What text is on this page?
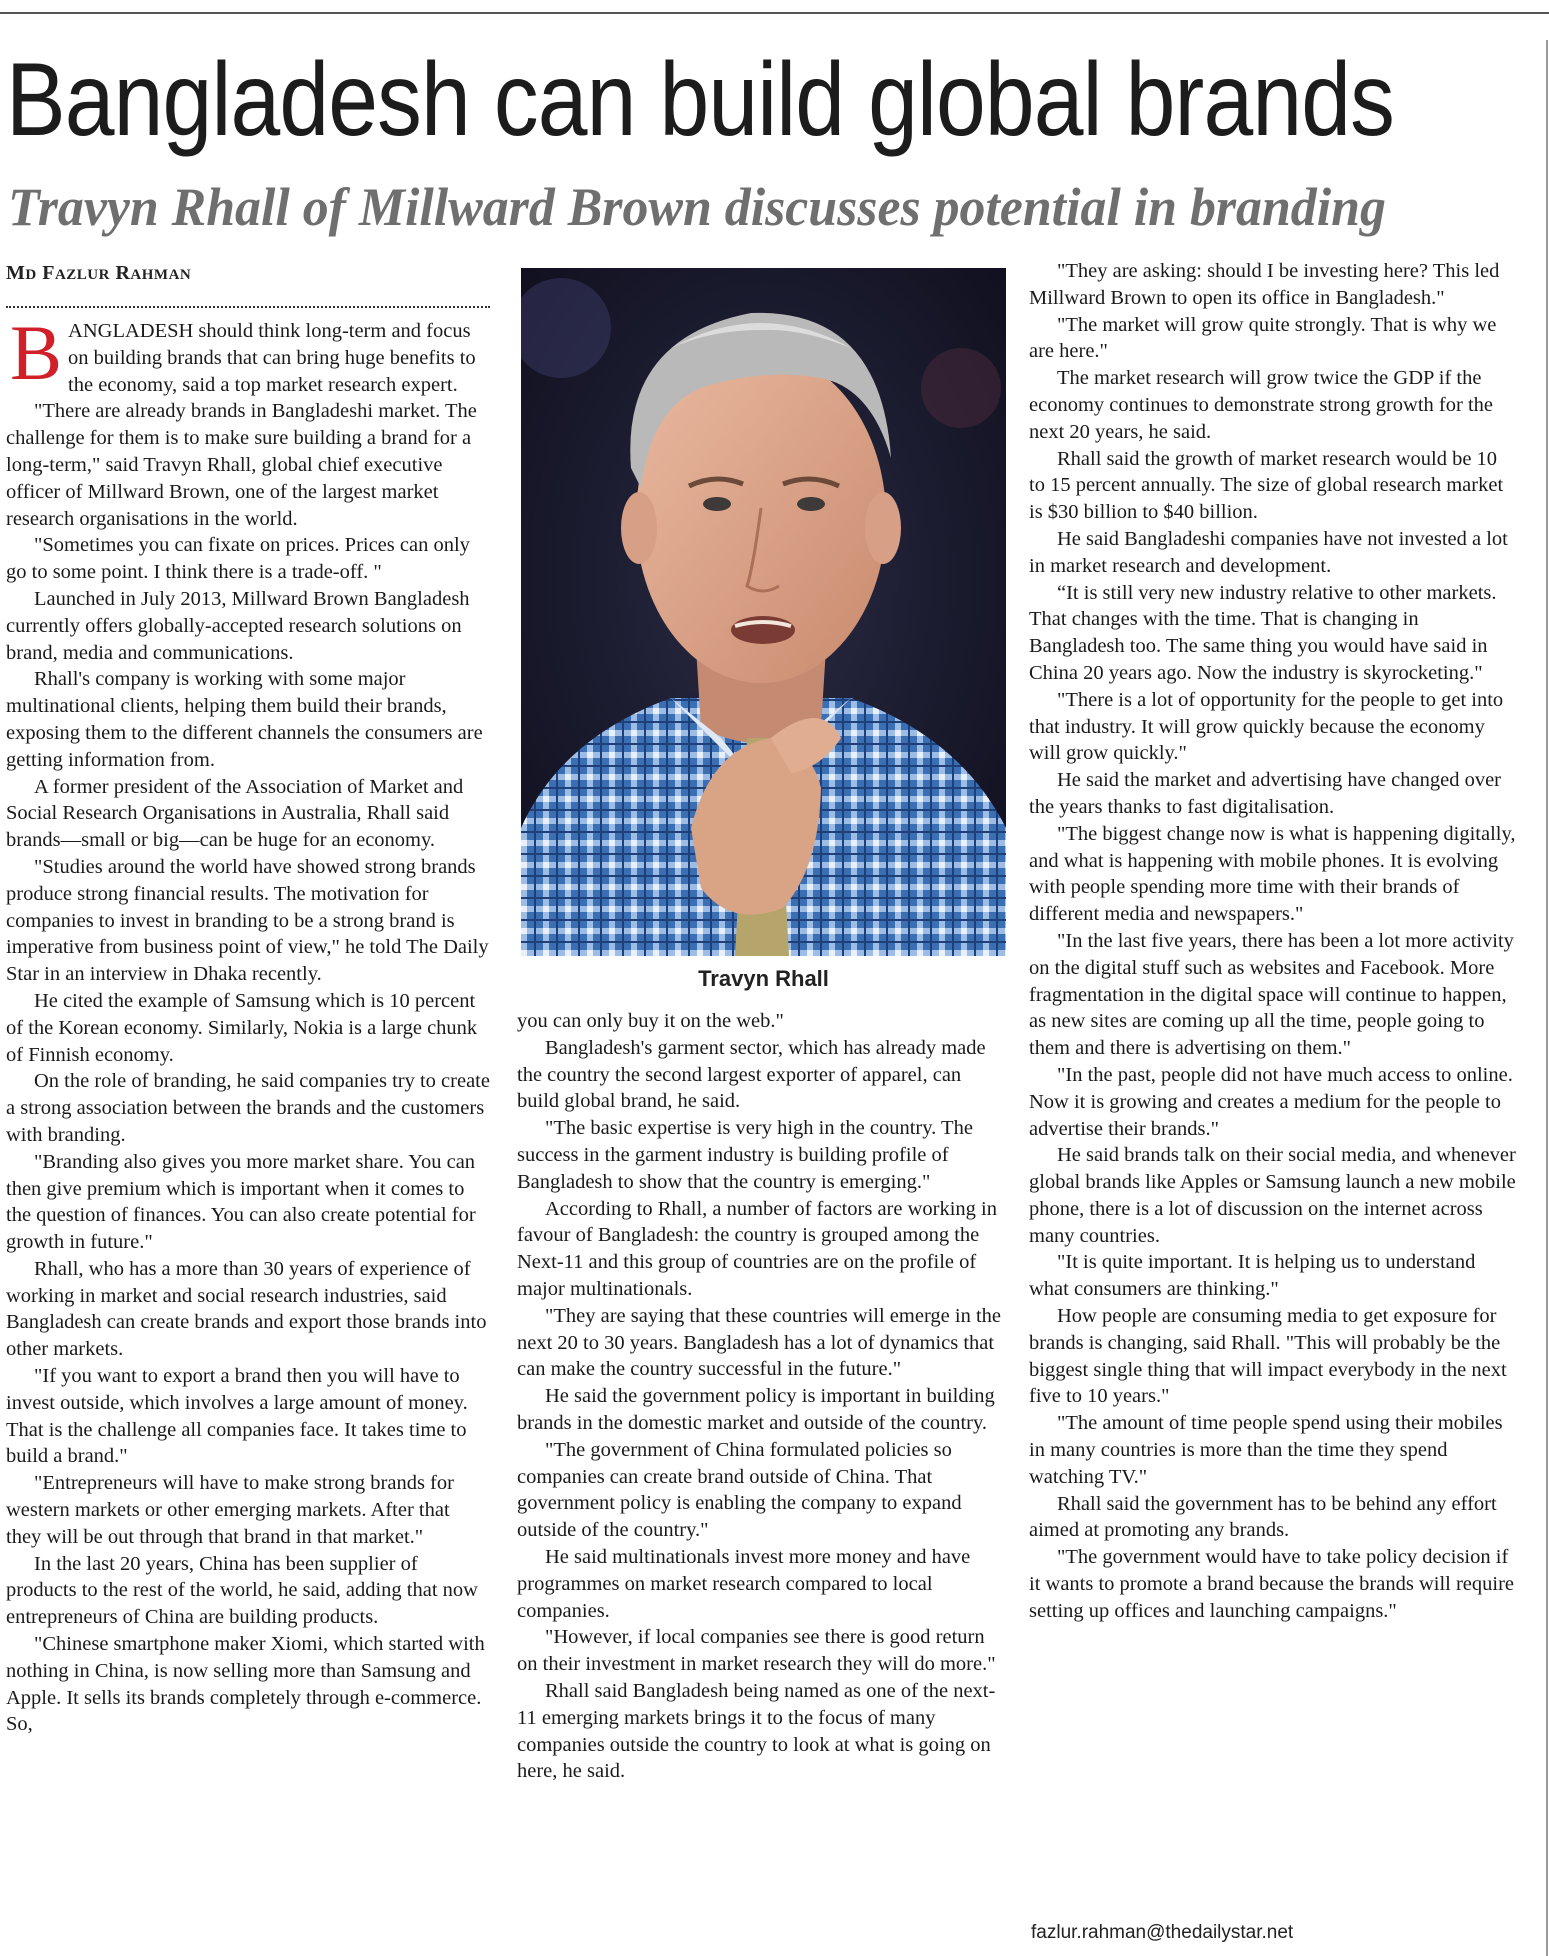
Bangladesh can build global brands
Travyn Rhall of Millward Brown discusses potential in branding
MD FAZLUR RAHMAN

BANGLADESH should think long-term and focus on building brands that can bring huge benefits to the economy, said a top market research expert.

"There are already brands in Bangladeshi market. The challenge for them is to make sure building a brand for a long-term," said Travyn Rhall, global chief executive officer of Millward Brown, one of the largest market research organisations in the world.

"Sometimes you can fixate on prices. Prices can only go to some point. I think there is a trade-off. "

Launched in July 2013, Millward Brown Bangladesh currently offers globally-accepted research solutions on brand, media and communications.

Rhall's company is working with some major multinational clients, helping them build their brands, exposing them to the different channels the consumers are getting information from.

A former president of the Association of Market and Social Research Organisations in Australia, Rhall said brands—small or big—can be huge for an economy.

"Studies around the world have showed strong brands produce strong financial results. The motivation for companies to invest in branding to be a strong brand is imperative from business point of view," he told The Daily Star in an interview in Dhaka recently.

He cited the example of Samsung which is 10 percent of the Korean economy. Similarly, Nokia is a large chunk of Finnish economy.

On the role of branding, he said companies try to create a strong association between the brands and the customers with branding.

"Branding also gives you more market share. You can then give premium which is important when it comes to the question of finances. You can also create potential for growth in future."

Rhall, who has a more than 30 years of experience of working in market and social research industries, said Bangladesh can create brands and export those brands into other markets.

"If you want to export a brand then you will have to invest outside, which involves a large amount of money. That is the challenge all companies face. It takes time to build a brand."

"Entrepreneurs will have to make strong brands for western markets or other emerging markets. After that they will be out through that brand in that market."

In the last 20 years, China has been supplier of products to the rest of the world, he said, adding that now entrepreneurs of China are building products.

"Chinese smartphone maker Xiomi, which started with nothing in China, is now selling more than Samsung and Apple. It sells its brands completely through e-commerce. So,

Travyn Rhall

you can only buy it on the web."

Bangladesh's garment sector, which has already made the country the second largest exporter of apparel, can build global brand, he said.

"The basic expertise is very high in the country. The success in the garment industry is building profile of Bangladesh to show that the country is emerging."

According to Rhall, a number of factors are working in favour of Bangladesh: the country is grouped among the Next-11 and this group of countries are on the profile of major multinationals.

"They are saying that these countries will emerge in the next 20 to 30 years. Bangladesh has a lot of dynamics that can make the country successful in the future."

He said the government policy is important in building brands in the domestic market and outside of the country.

"The government of China formulated policies so companies can create brand outside of China. That government policy is enabling the company to expand outside of the country."

He said multinationals invest more money and have programmes on market research compared to local companies.

"However, if local companies see there is good return on their investment in market research they will do more."

Rhall said Bangladesh being named as one of the next-11 emerging markets brings it to the focus of many companies outside the country to look at what is going on here, he said.

"They are asking: should I be investing here? This led Millward Brown to open its office in Bangladesh."

"The market will grow quite strongly. That is why we are here."

The market research will grow twice the GDP if the economy continues to demonstrate strong growth for the next 20 years, he said.

Rhall said the growth of market research would be 10 to 15 percent annually. The size of global research market is $30 billion to $40 billion.

He said Bangladeshi companies have not invested a lot in market research and development.

“It is still very new industry relative to other markets. That changes with the time. That is changing in Bangladesh too. The same thing you would have said in China 20 years ago. Now the industry is skyrocketing."

"There is a lot of opportunity for the people to get into that industry. It will grow quickly because the economy will grow quickly."

He said the market and advertising have changed over the years thanks to fast digitalisation.

"The biggest change now is what is happening digitally, and what is happening with mobile phones. It is evolving with people spending more time with their brands of different media and newspapers."

"In the last five years, there has been a lot more activity on the digital stuff such as websites and Facebook. More fragmentation in the digital space will continue to happen, as new sites are coming up all the time, people going to them and there is advertising on them."

"In the past, people did not have much access to online. Now it is growing and creates a medium for the people to advertise their brands."

He said brands talk on their social media, and whenever global brands like Apples or Samsung launch a new mobile phone, there is a lot of discussion on the internet across many countries.

"It is quite important. It is helping us to understand what consumers are thinking."

How people are consuming media to get exposure for brands is changing, said Rhall. "This will probably be the biggest single thing that will impact everybody in the next five to 10 years."

"The amount of time people spend using their mobiles in many countries is more than the time they spend watching TV."

Rhall said the government has to be behind any effort aimed at promoting any brands.

"The government would have to take policy decision if it wants to promote a brand because the brands will require setting up offices and launching campaigns."

fazlur.rahman@thedailystar.net
